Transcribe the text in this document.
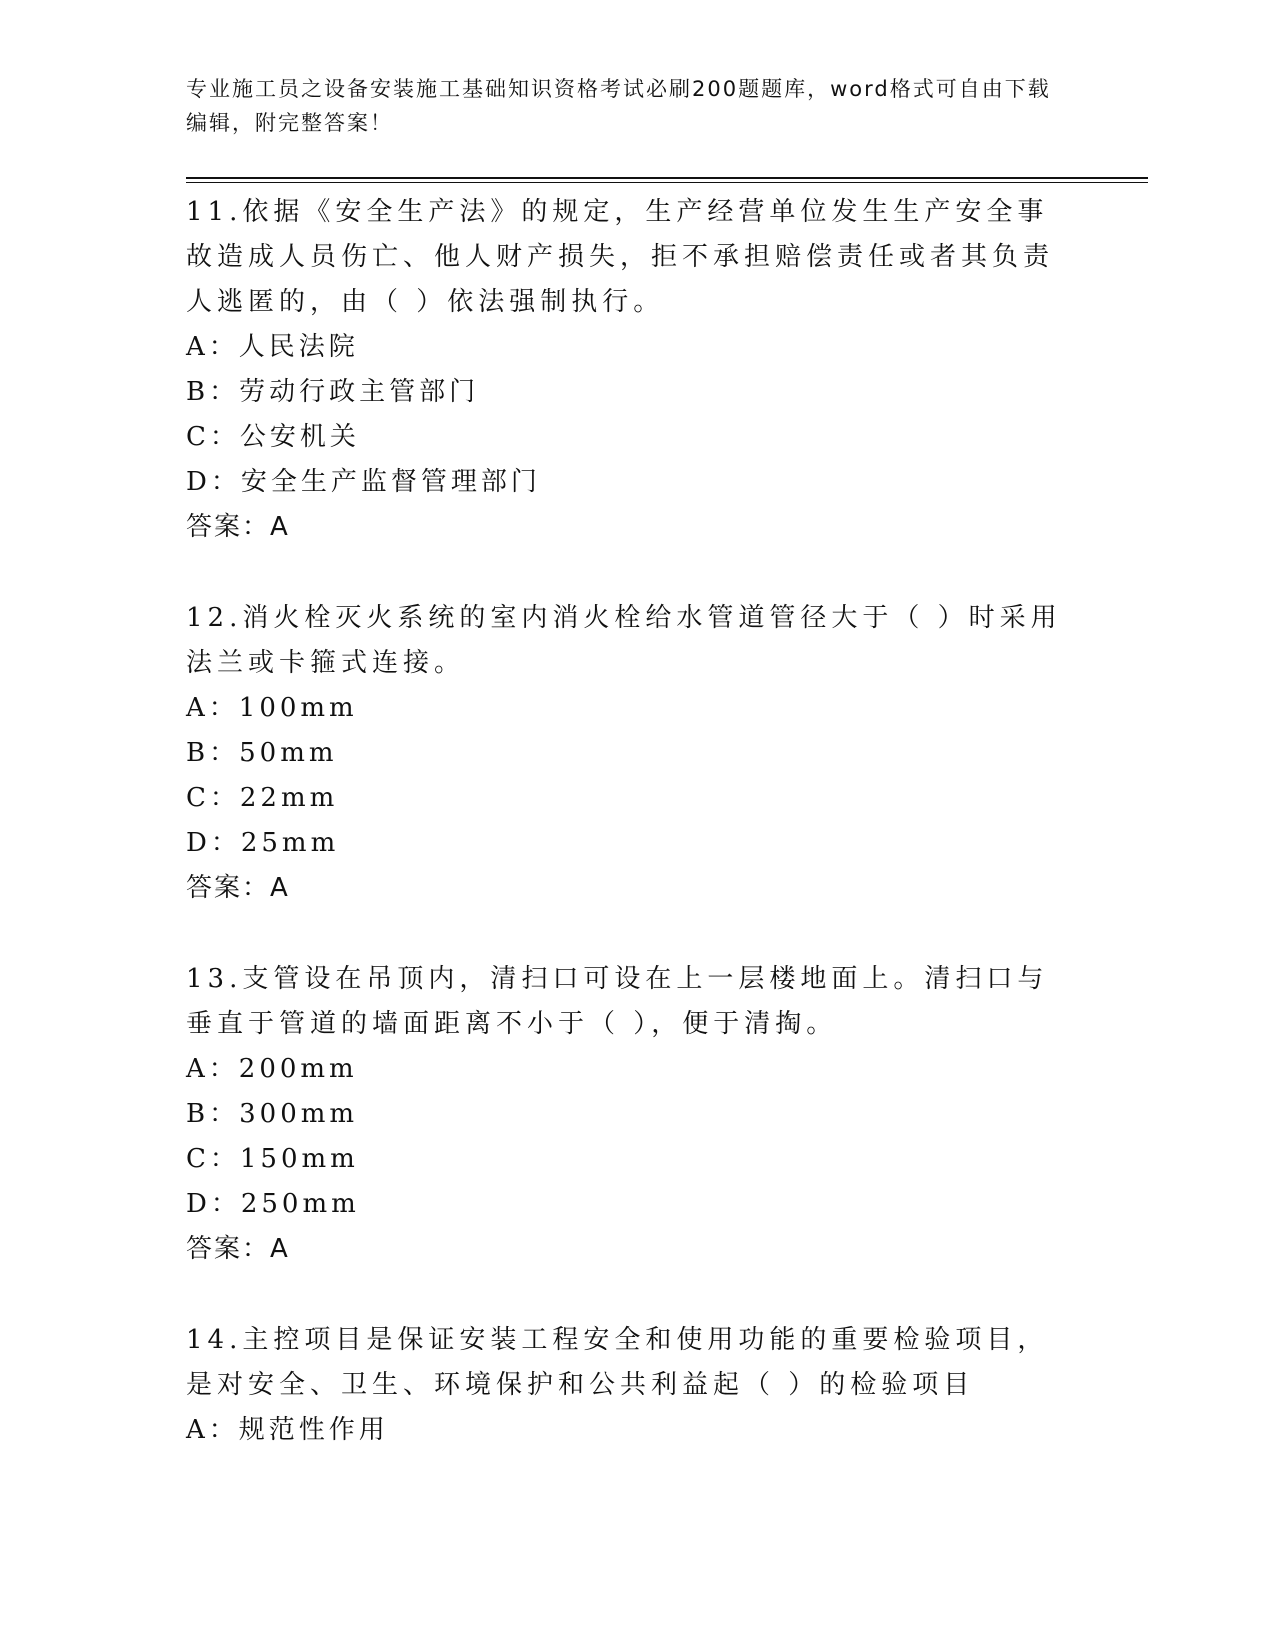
专业施工员之设备安装施工基础知识资格考试必刷200题题库，word格式可自由下载编辑，附完整答案！
11.依据《安全生产法》的规定，生产经营单位发生生产安全事故造成人员伤亡、他人财产损失，拒不承担赔偿责任或者其负责人逃匿的，由（ ）依法强制执行。
A：人民法院
B：劳动行政主管部门
C：公安机关
D：安全生产监督管理部门
答案：A
12.消火栓灭火系统的室内消火栓给水管道管径大于（ ）时采用法兰或卡箍式连接。
A：100mm
B：50mm
C：22mm
D：25mm
答案：A
13.支管设在吊顶内，清扫口可设在上一层楼地面上。清扫口与垂直于管道的墙面距离不小于（ ），便于清掏。
A：200mm
B：300mm
C：150mm
D：250mm
答案：A
14.主控项目是保证安装工程安全和使用功能的重要检验项目，是对安全、卫生、环境保护和公共利益起（ ）的检验项目
A：规范性作用
